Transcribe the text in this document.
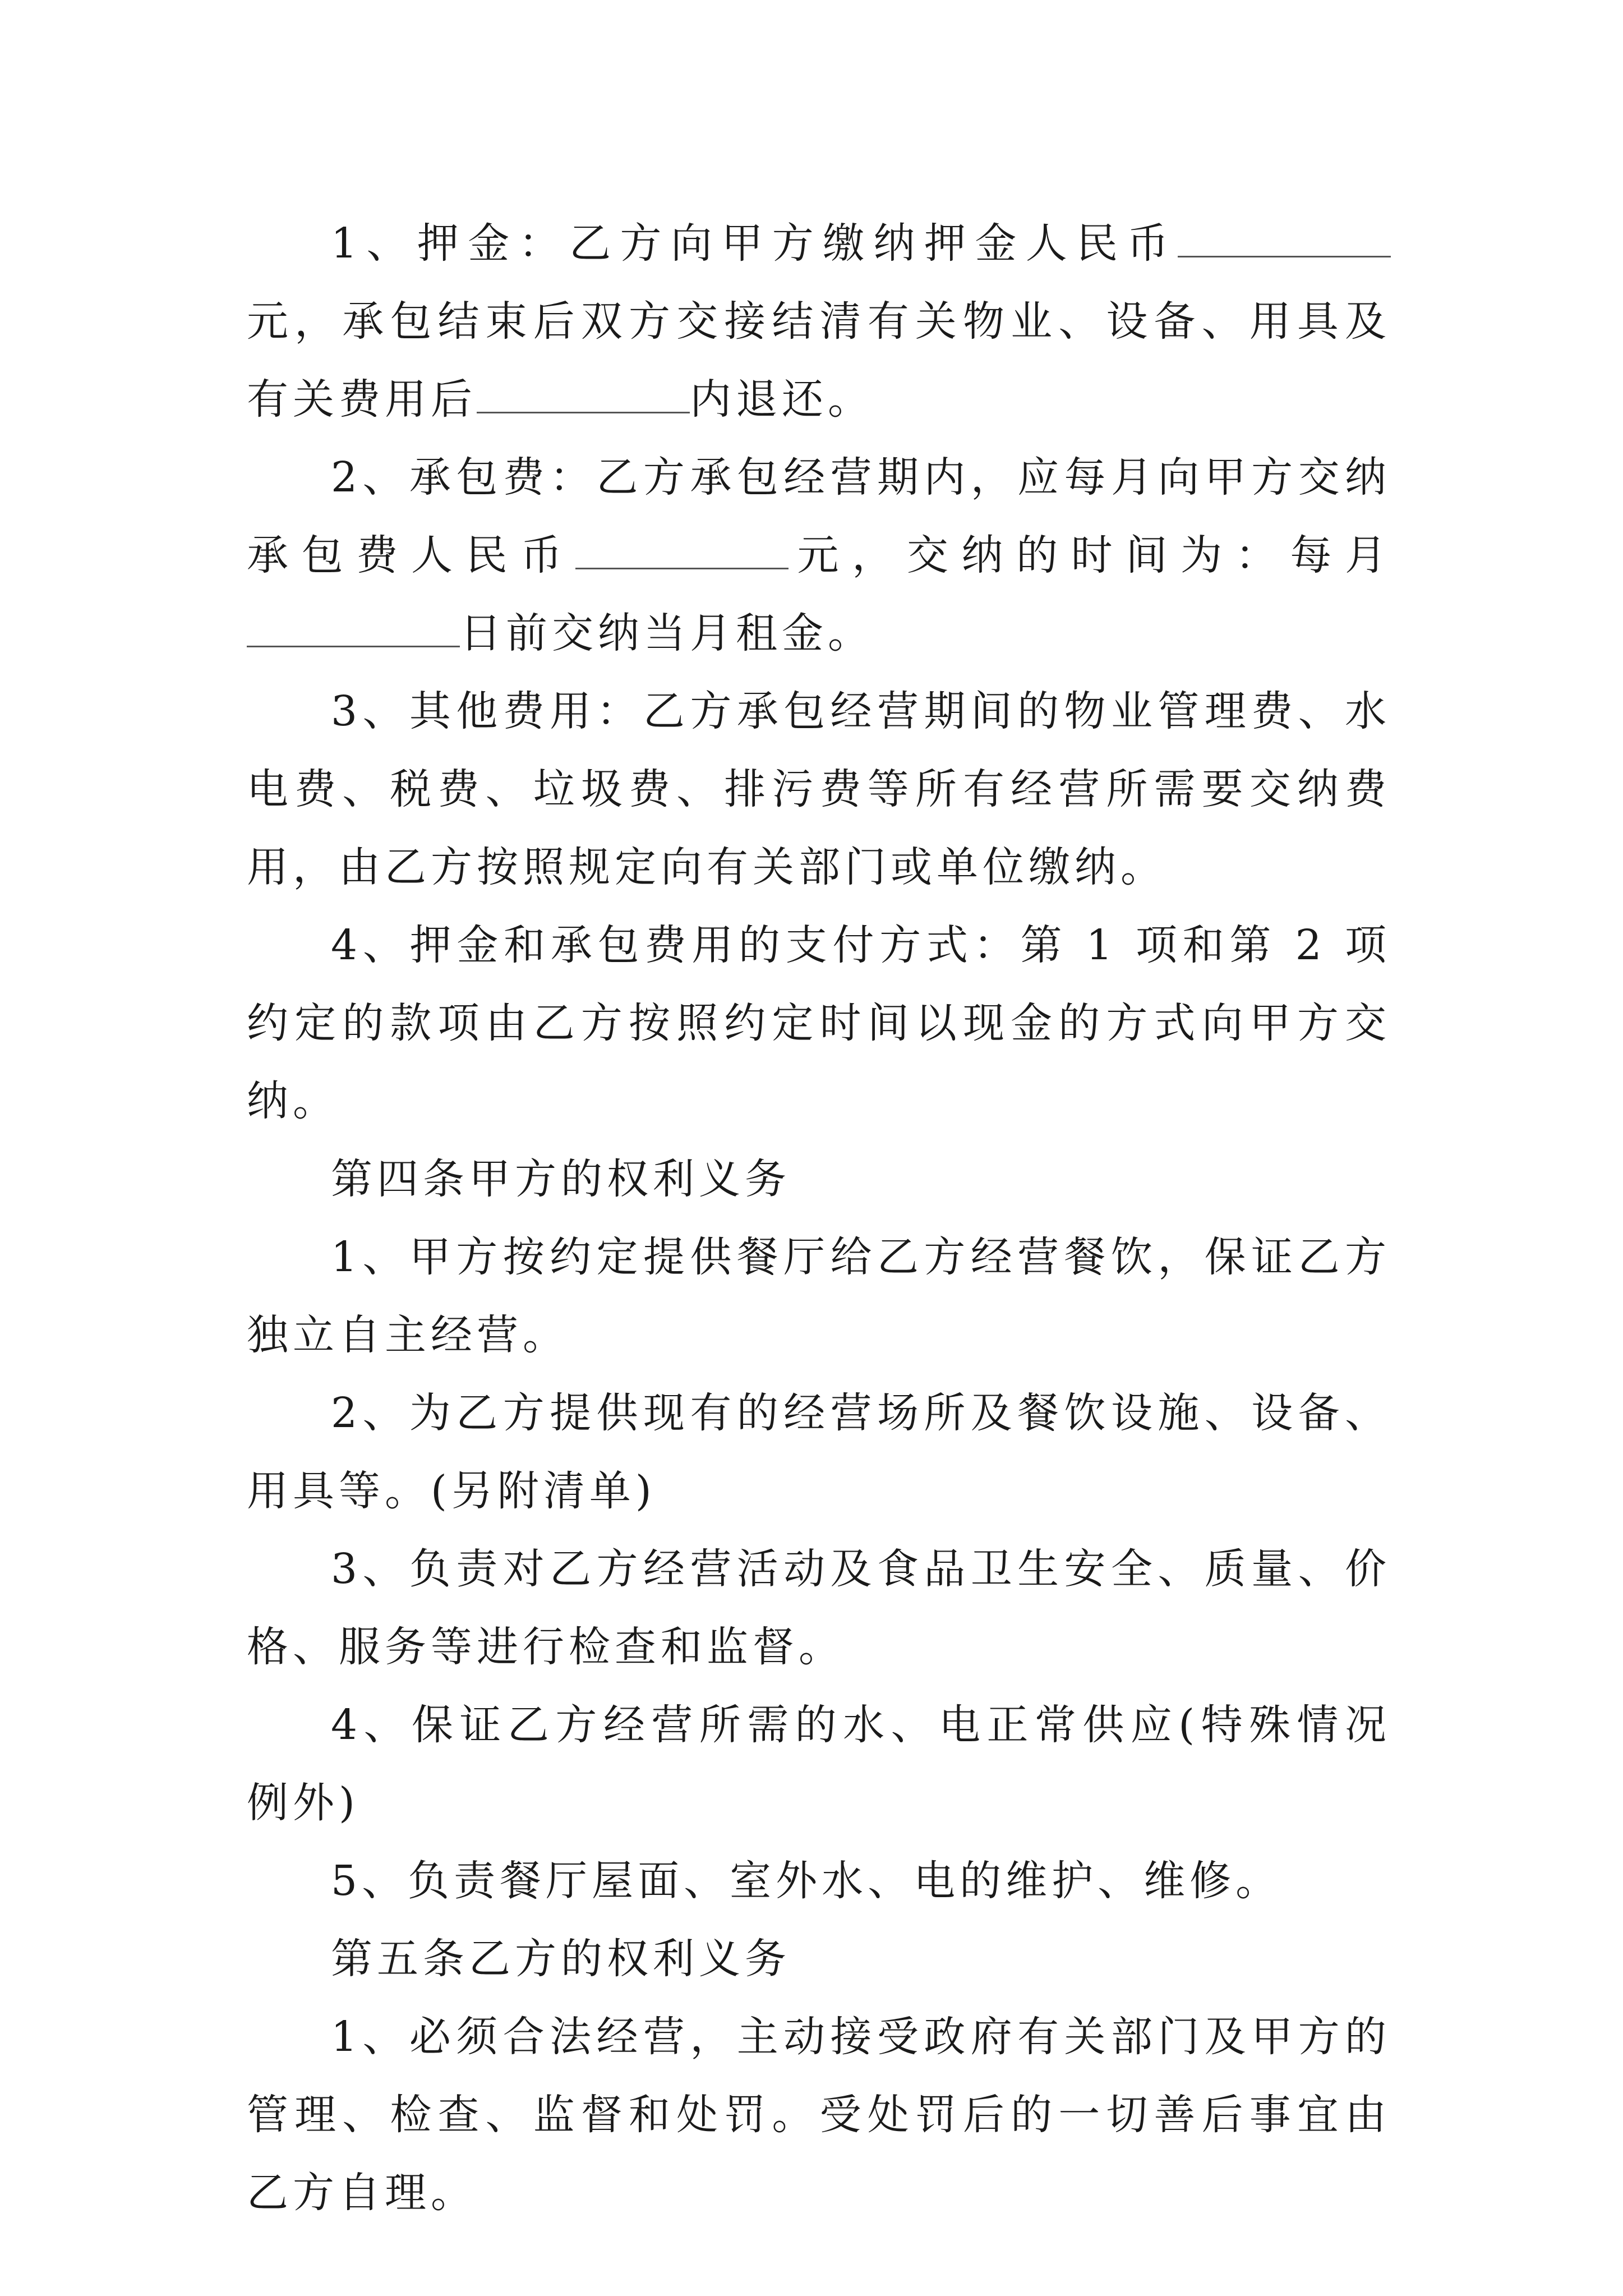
1、押金：乙方向甲方缴纳押金人民币元，承包结束后双方交接结清有关物业、设备、用具及有关费用后	内退还。

2、承包费：乙方承包经营期内，应每月向甲方交纳承包费人民币	元，交纳的时间为：每月日前交纳当月租金。

3、其他费用：乙方承包经营期间的物业管理费、水电费、税费、垃圾费、排污费等所有经营所需要交纳费用，由乙方按照规定向有关部门或单位缴纳。

4、押金和承包费用的支付方式：第 1 项和第 2 项约定的款项由乙方按照约定时间以现金的方式向甲方交纳。

第四条甲方的权利义务

1、甲方按约定提供餐厅给乙方经营餐饮，保证乙方独立自主经营。

2、为乙方提供现有的经营场所及餐饮设施、设备、用具等。(另附清单)

3、负责对乙方经营活动及食品卫生安全、质量、价格、服务等进行检查和监督。

4、保证乙方经营所需的水、电正常供应(特殊情况例外)

5、负责餐厅屋面、室外水、电的维护、维修。

第五条乙方的权利义务

1、必须合法经营，主动接受政府有关部门及甲方的管理、检查、监督和处罚。受处罚后的一切善后事宜由乙方自理。
